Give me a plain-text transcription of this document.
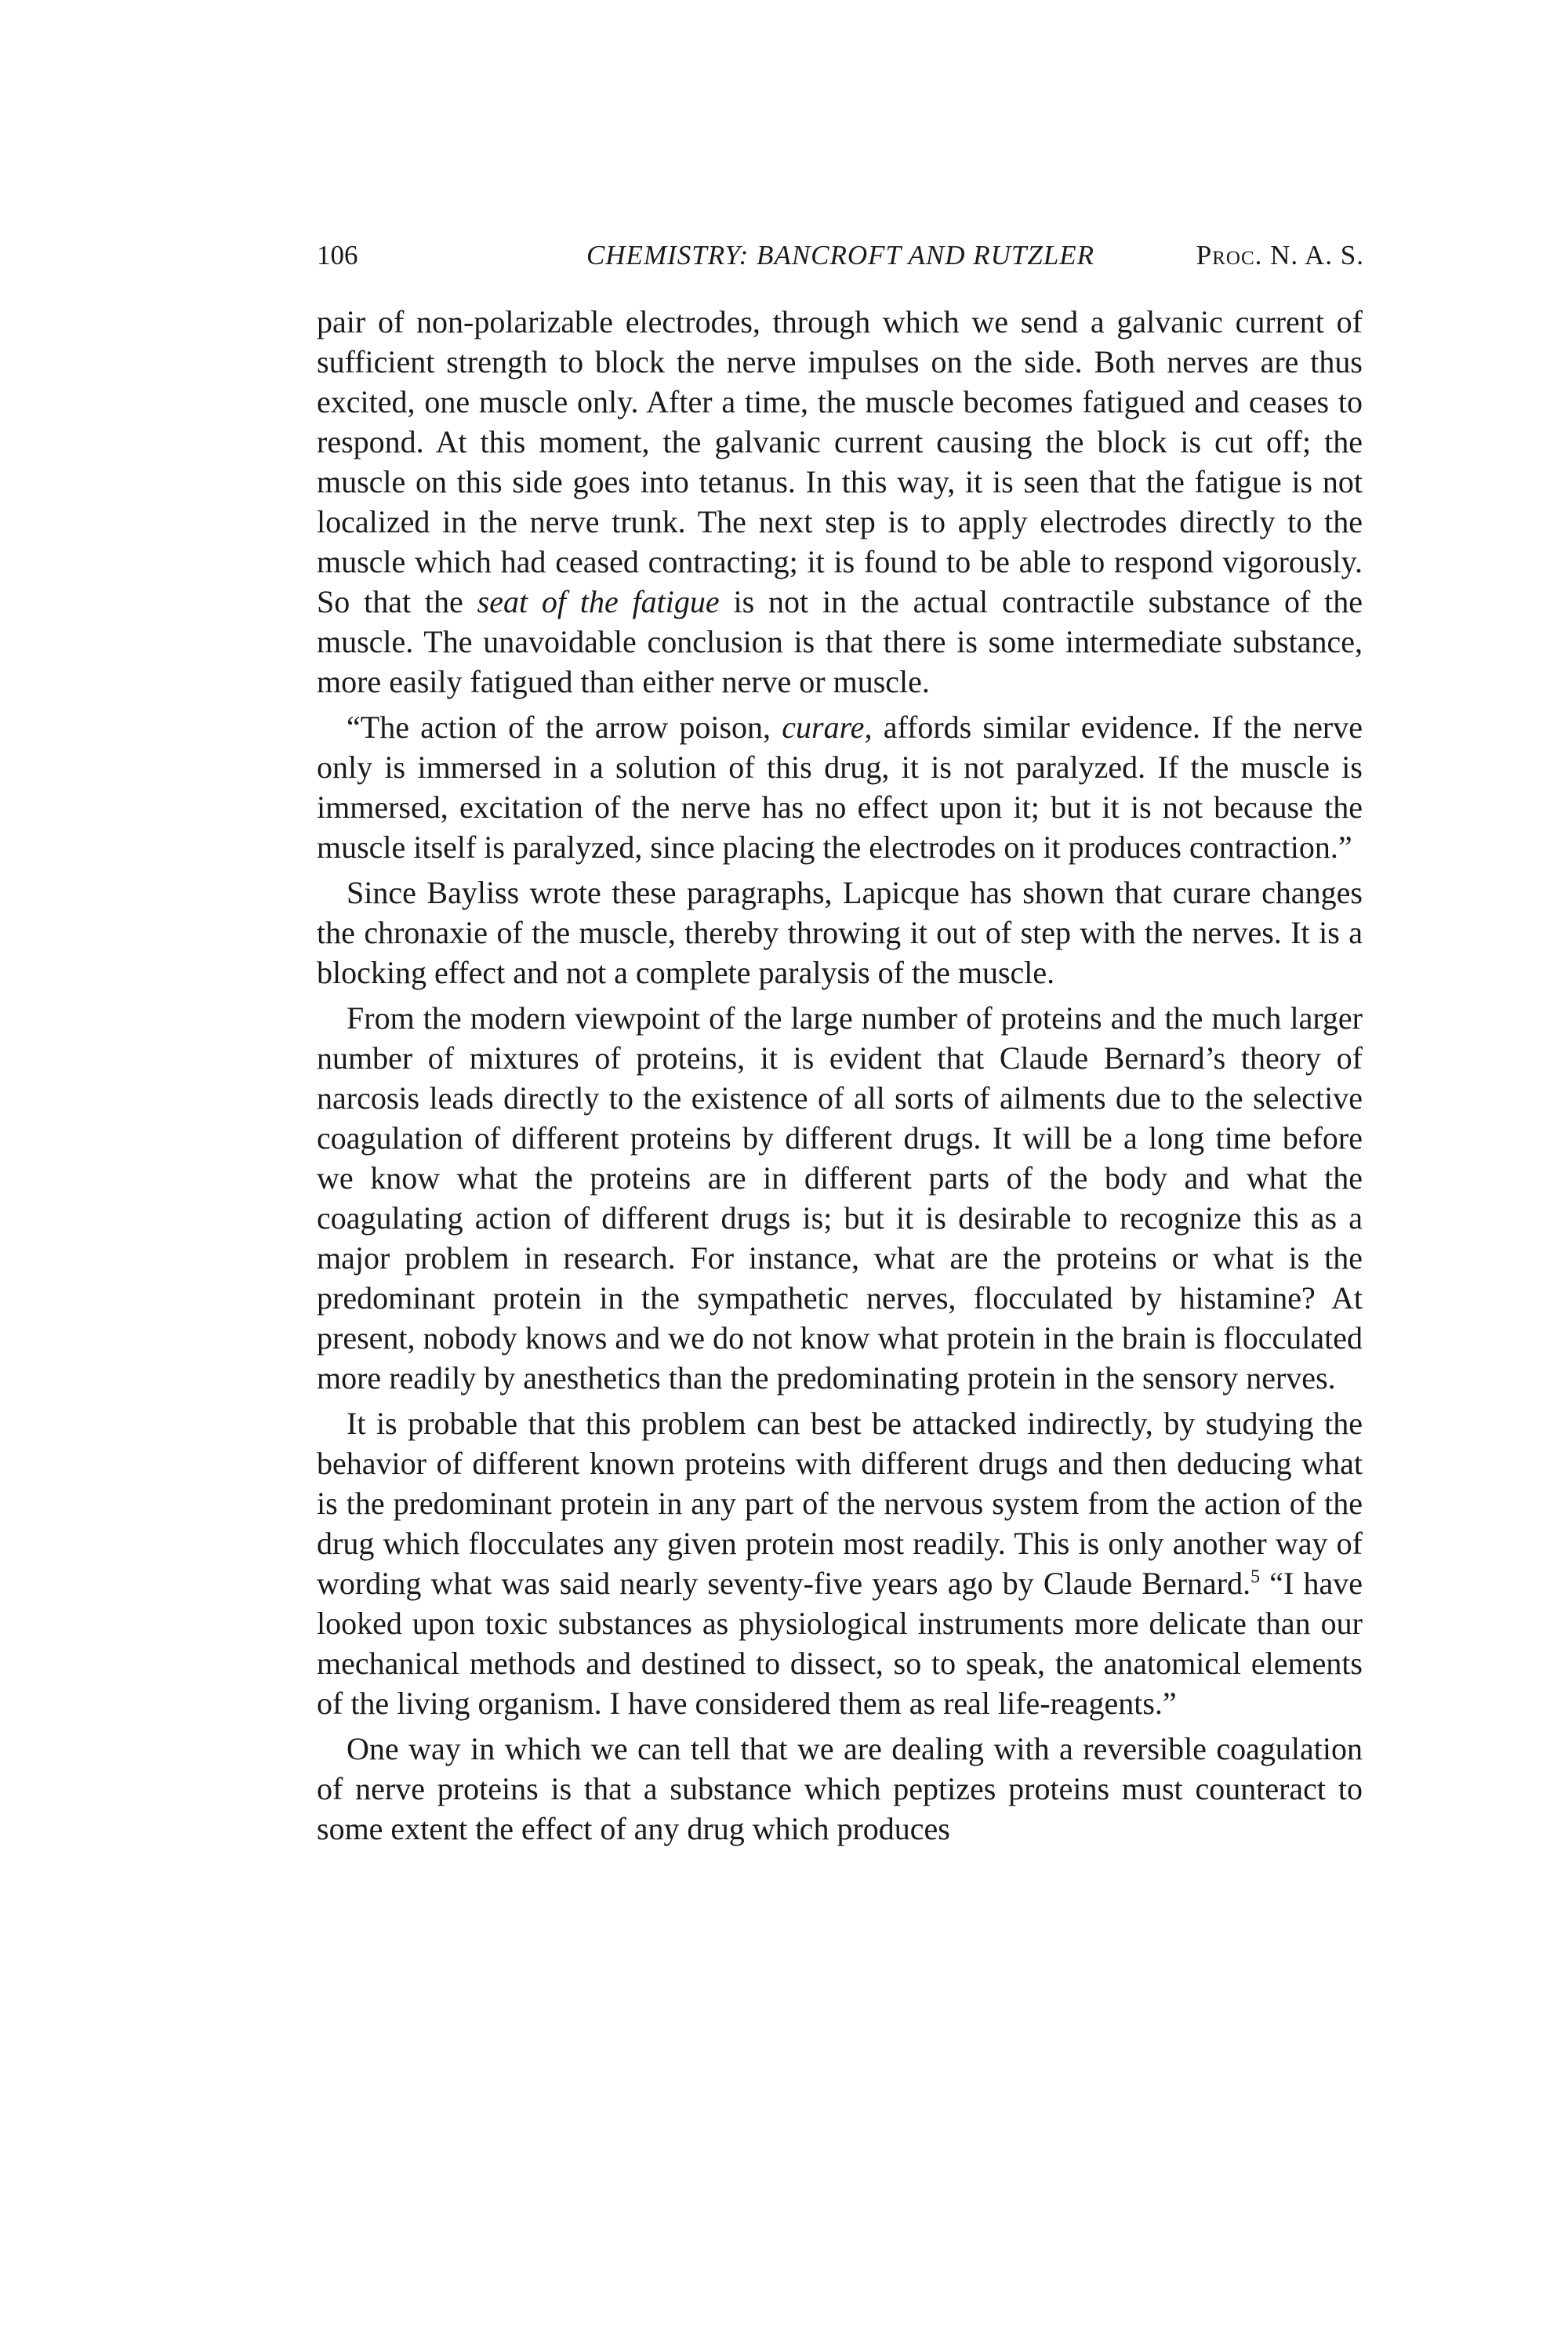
106	CHEMISTRY: BANCROFT AND RUTZLER	Proc. N. A. S.

pair of non-polarizable electrodes, through which we send a galvanic current of sufficient strength to block the nerve impulses on the side. Both nerves are thus excited, one muscle only. After a time, the muscle becomes fatigued and ceases to respond. At this moment, the galvanic current causing the block is cut off; the muscle on this side goes into tetanus. In this way, it is seen that the fatigue is not localized in the nerve trunk. The next step is to apply electrodes directly to the muscle which had ceased contracting; it is found to be able to respond vigorously. So that the seat of the fatigue is not in the actual contractile substance of the muscle. The unavoidable conclusion is that there is some intermediate substance, more easily fatigued than either nerve or muscle.

“The action of the arrow poison, curare, affords similar evidence. If the nerve only is immersed in a solution of this drug, it is not paralyzed. If the muscle is immersed, excitation of the nerve has no effect upon it; but it is not because the muscle itself is paralyzed, since placing the electrodes on it produces contraction.”

Since Bayliss wrote these paragraphs, Lapicque has shown that curare changes the chronaxie of the muscle, thereby throwing it out of step with the nerves. It is a blocking effect and not a complete paralysis of the muscle.

From the modern viewpoint of the large number of proteins and the much larger number of mixtures of proteins, it is evident that Claude Bernard’s theory of narcosis leads directly to the existence of all sorts of ailments due to the selective coagulation of different proteins by different drugs. It will be a long time before we know what the proteins are in different parts of the body and what the coagulating action of different drugs is; but it is desirable to recognize this as a major problem in research. For instance, what are the proteins or what is the predominant protein in the sympathetic nerves, flocculated by histamine? At present, nobody knows and we do not know what protein in the brain is flocculated more readily by anesthetics than the predominating protein in the sensory nerves.

It is probable that this problem can best be attacked indirectly, by studying the behavior of different known proteins with different drugs and then deducing what is the predominant protein in any part of the nervous system from the action of the drug which flocculates any given protein most readily. This is only another way of wording what was said nearly seventy-five years ago by Claude Bernard.$^5$ “I have looked upon toxic substances as physiological instruments more delicate than our mechanical methods and destined to dissect, so to speak, the anatomical elements of the living organism. I have considered them as real life-reagents.”

One way in which we can tell that we are dealing with a reversible coagulation of nerve proteins is that a substance which peptizes proteins must counteract to some extent the effect of any drug which produces
